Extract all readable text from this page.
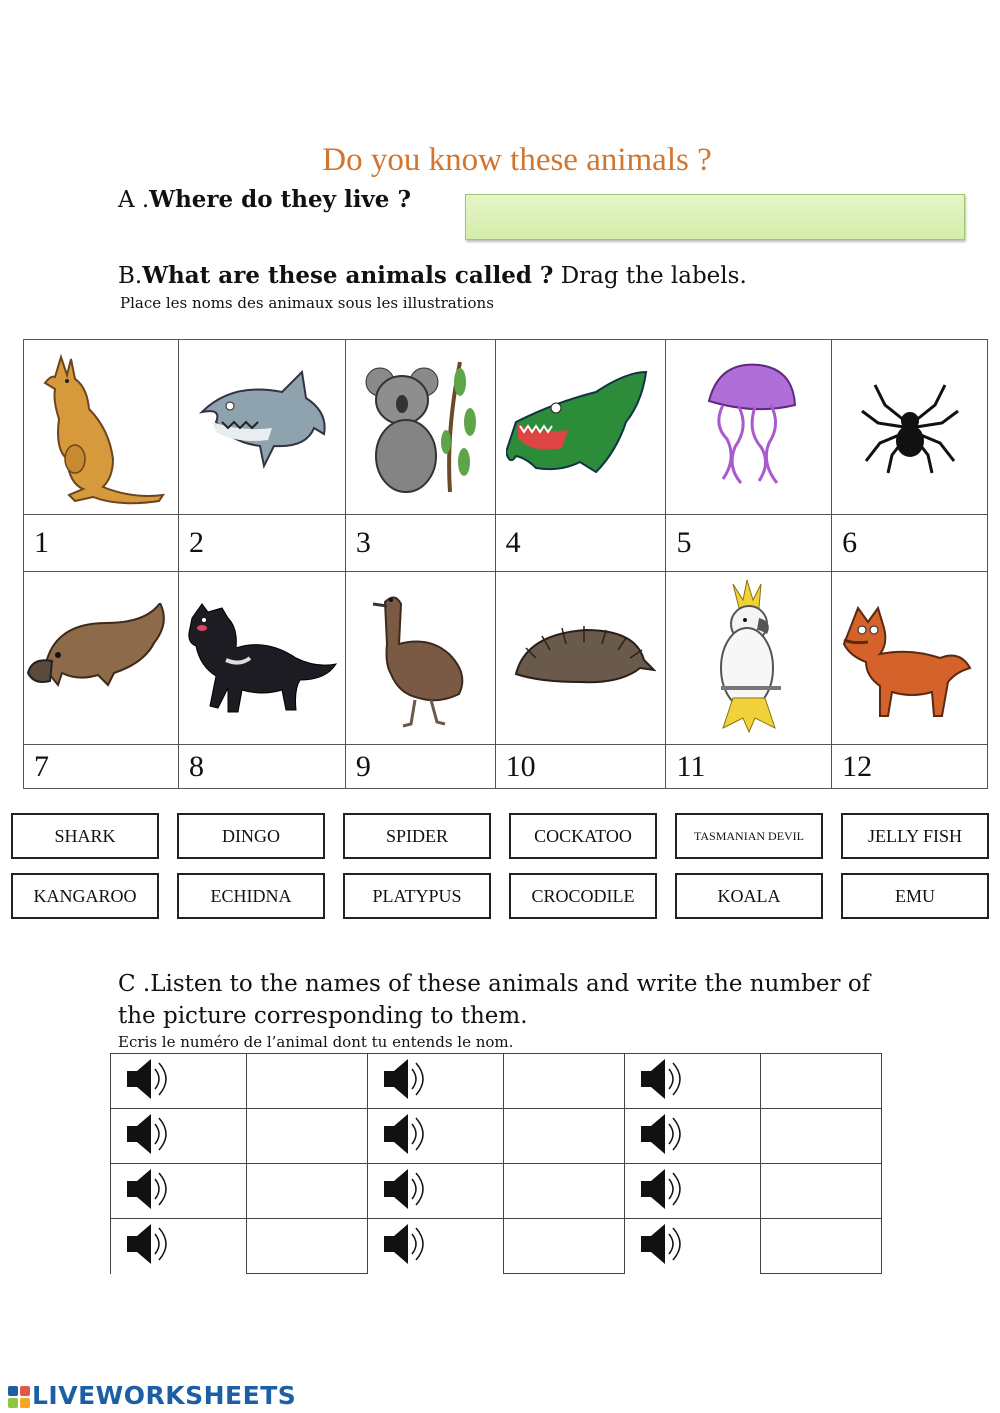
Do you know these animals ?
A .Where do they live ?
B.What are these animals called ? Drag the labels.
Place les noms des animaux sous les illustrations

1	2	3	4	5	6

7	8	9	10	11	12
SHARK	DINGO	SPIDER	COCKATOO	TASMANIAN DEVIL	JELLY FISH
KANGAROO	ECHIDNA	PLATYPUS	CROCODILE	KOALA	EMU
C .Listen to the names of these animals and write the number of the picture corresponding to them.
Ecris le numéro de l’animal dont tu entends le nom.

LIVEWORKSHEETS
